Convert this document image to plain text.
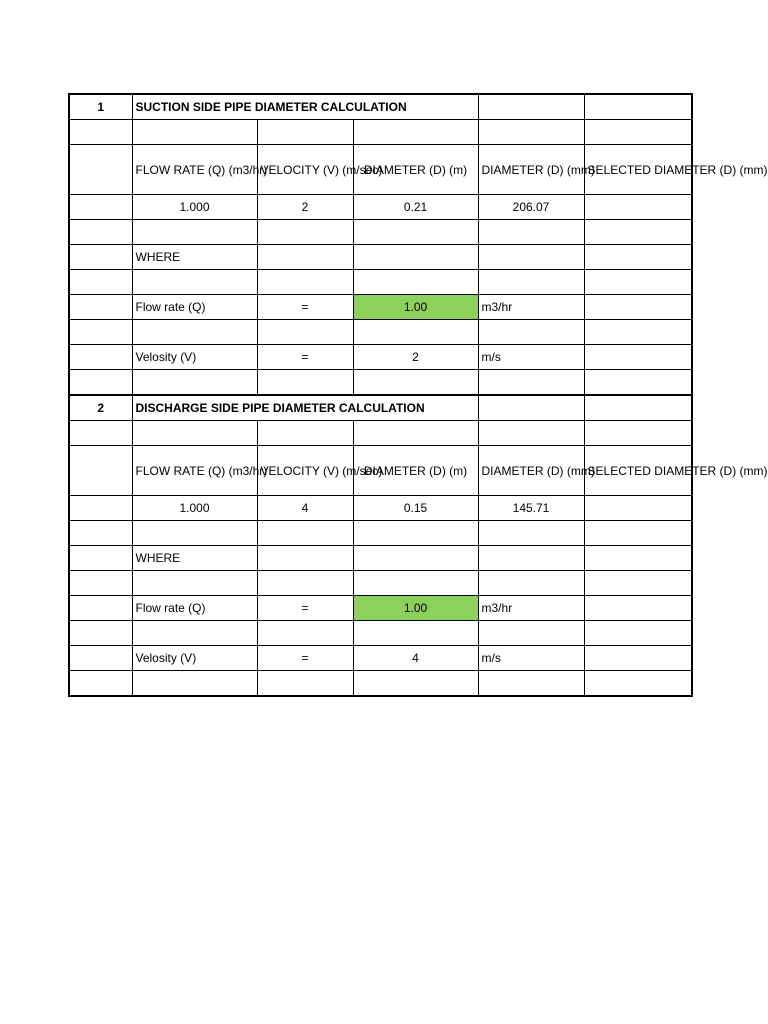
1	SUCTION SIDE PIPE DIAMETER CALCULATION				

	FLOW RATE (Q) (m3/hr)	VELOCITY (V) (m/sec)	DIAMETER (D) (m)	DIAMETER (D) (mm)	SELECTED DIAMETER (D) (mm)
	1.000	2	0.21	206.07	

	WHERE				

	Flow rate (Q)	=	1.00	m3/hr	

	Velosity (V)	=	2	m/s	

2	DISCHARGE SIDE PIPE DIAMETER CALCULATION				

	FLOW RATE (Q) (m3/hr)	VELOCITY (V) (m/sec)	DIAMETER (D) (m)	DIAMETER (D) (mm)	SELECTED DIAMETER (D) (mm)
	1.000	4	0.15	145.71	

	WHERE				

	Flow rate (Q)	=	1.00	m3/hr	

	Velosity (V)	=	4	m/s	
